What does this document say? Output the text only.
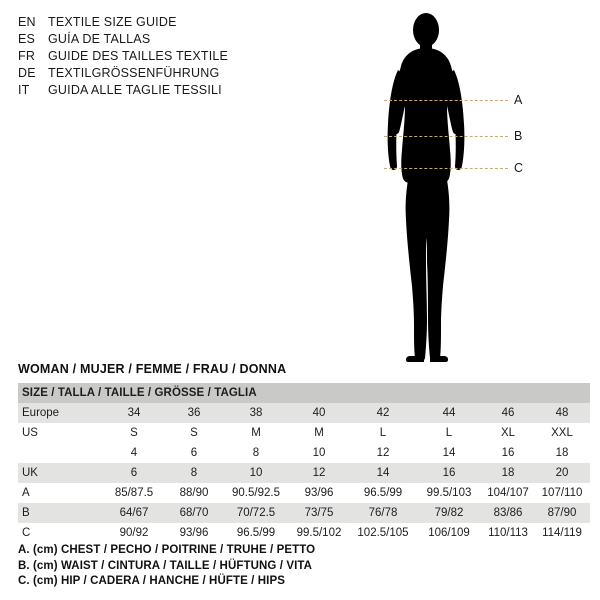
EN TEXTILE SIZE GUIDE
ES	GUÍA DE TALLAS
FR	GUIDE DES TAILLES TEXTILE
DE TEXTILGRÖSSENFÜHRUNG
IT	GUIDA ALLE TAGLIE TESSILI
A
B
C
WOMAN / MUJER / FEMME / FRAU / DONNA
SIZE / TALLA / TAILLE / GRÖSSE / TAGLIA								
Europe	34	36	38	40	42	44	46	48
US	S	S	M	M	L	L	XL	XXL
	4	6	8	10	12	14	16	18
UK	6	8	10	12	14	16	18	20
A	85/87.5	88/90	90.5/92.5	93/96	96.5/99	99.5/103	104/107	107/110
B	64/67	68/70	70/72.5	73/75	76/78	79/82	83/86	87/90
C	90/92	93/96	96.5/99	99.5/102	102.5/105	106/109	110/113	114/119
A. (cm) CHEST / PECHO / POITRINE / TRUHE / PETTO
B. (cm) WAIST / CINTURA / TAILLE / HÜFTUNG / VITA
C. (cm) HIP / CADERA / HANCHE / HÜFTE / HIPS
